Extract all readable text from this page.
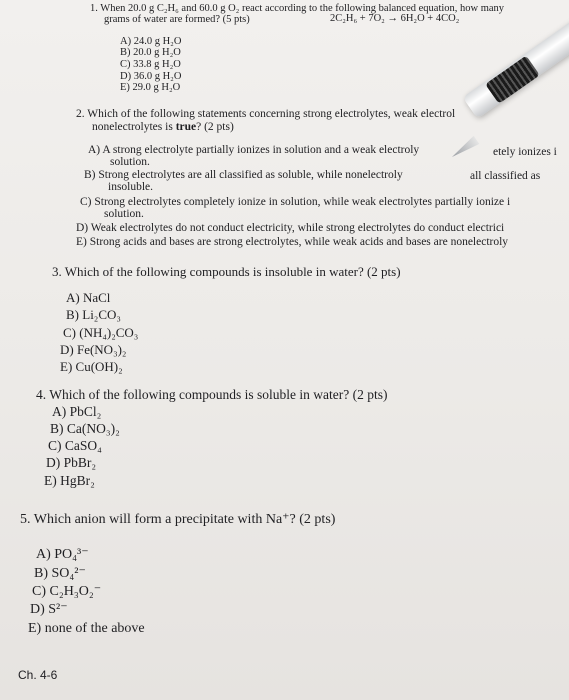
1. When 20.0 g C₂H₆ and 60.0 g O₂ react according to the following balanced equation, how many
grams of water are formed? (5 pts)	2C₂H₆ + 7O₂ → 6H₂O + 4CO₂
A) 24.0 g H₂O
B) 20.0 g H₂O
C) 33.8 g H₂O
D) 36.0 g H₂O
E) 29.0 g H₂O
2. Which of the following statements concerning strong electrolytes, weak electrol
nonelectrolytes is true? (2 pts)
A) A strong electrolyte partially ionizes in solution and a weak electroly
solution.
B) Strong electrolytes are all classified as soluble, while nonelectroly
insoluble.
C) Strong electrolytes completely ionize in solution, while weak electrolytes partially ionize i
solution.
D) Weak electrolytes do not conduct electricity, while strong electrolytes do conduct electrici
E) Strong acids and bases are strong electrolytes, while weak acids and bases are nonelectroly
etely ionizes i
all classified as
3. Which of the following compounds is insoluble in water? (2 pts)
A) NaCl
B) Li₂CO₃
C) (NH₄)₂CO₃
D) Fe(NO₃)₂
E) Cu(OH)₂
4. Which of the following compounds is soluble in water? (2 pts)
A) PbCl₂
B) Ca(NO₃)₂
C) CaSO₄
D) PbBr₂
E) HgBr₂
5. Which anion will form a precipitate with Na⁺? (2 pts)
A) PO₄³⁻
B) SO₄²⁻
C) C₂H₃O₂⁻
D) S²⁻
E) none of the above
Ch. 4-6
